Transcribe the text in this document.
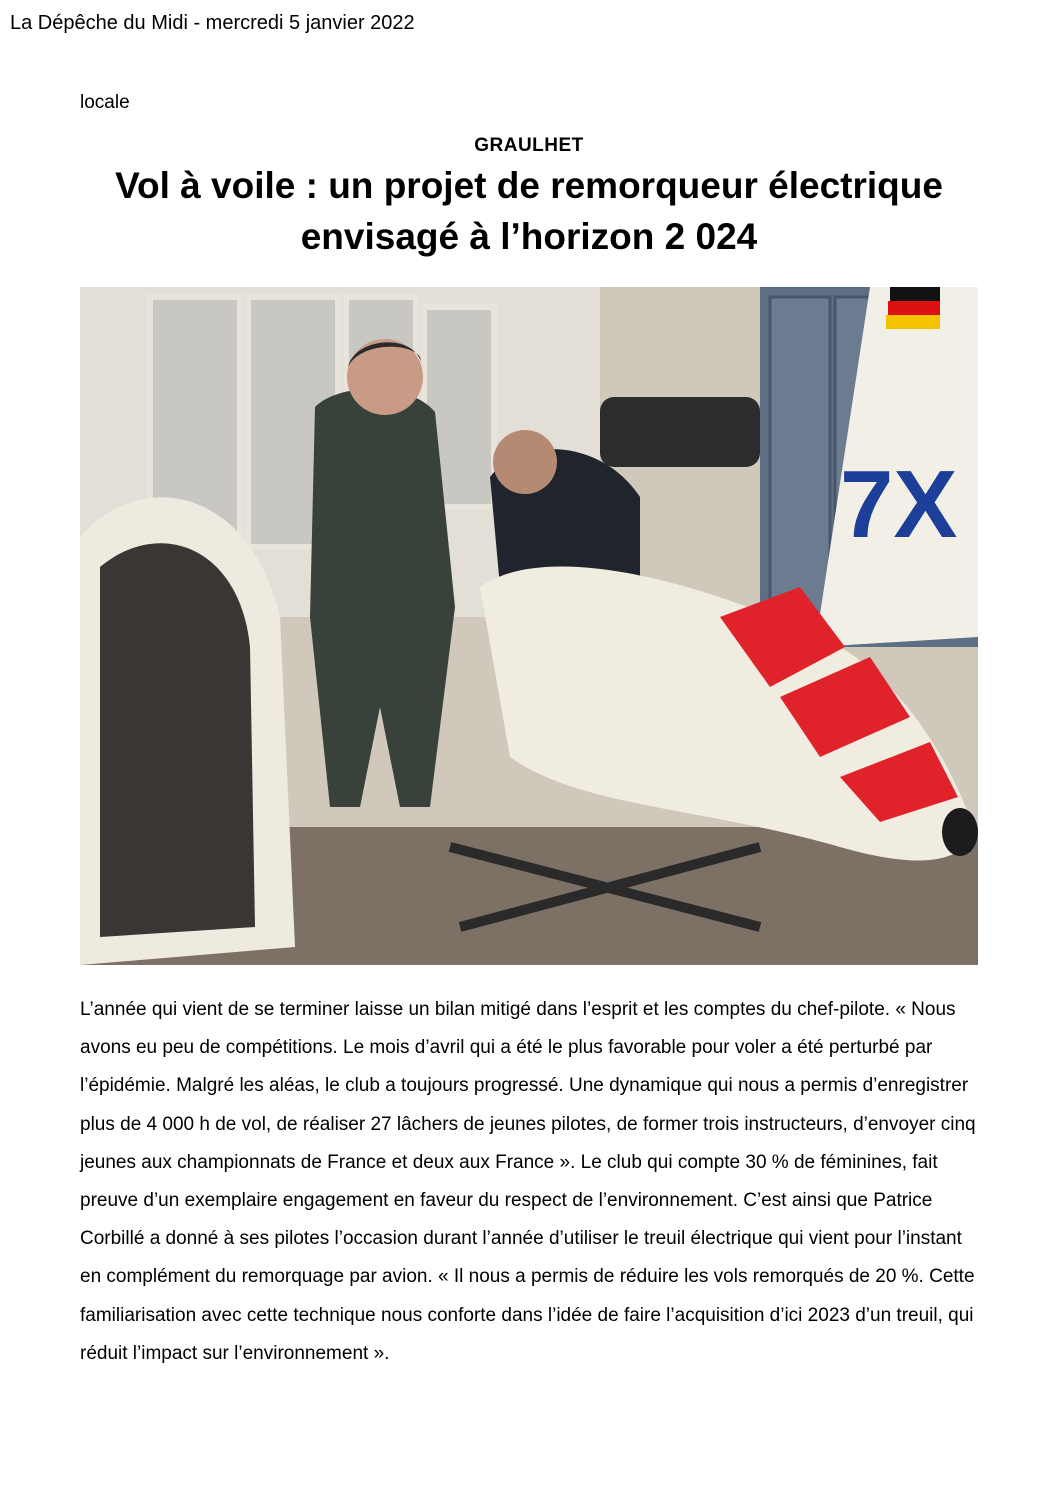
La Dépêche du Midi - mercredi 5 janvier 2022
locale
GRAULHET
Vol à voile : un projet de remorqueur électrique
envisagé à l’horizon 2 024
7X

L’année qui vient de se terminer laisse un bilan mitigé dans l’esprit et les comptes du chef-pilote. « Nous avons eu peu de compétitions. Le mois d’avril qui a été le plus favorable pour voler a été perturbé par l’épidémie. Malgré les aléas, le club a toujours progressé. Une dynamique qui nous a permis d’enregistrer plus de 4 000 h de vol, de réaliser 27 lâchers de jeunes pilotes, de former trois instructeurs, d’envoyer cinq jeunes aux championnats de France et deux aux France ». Le club qui compte 30 % de féminines, fait preuve d’un exemplaire engagement en faveur du respect de l’environnement. C’est ainsi que Patrice Corbillé a donné à ses pilotes l’occasion durant l’année d’utiliser le treuil électrique qui vient pour l’instant en complément du remorquage par avion. « Il nous a permis de réduire les vols remorqués de 20 %. Cette familiarisation avec cette technique nous conforte dans l’idée de faire l’acquisition d’ici 2023 d’un treuil, qui réduit l’impact sur l’environnement ».
